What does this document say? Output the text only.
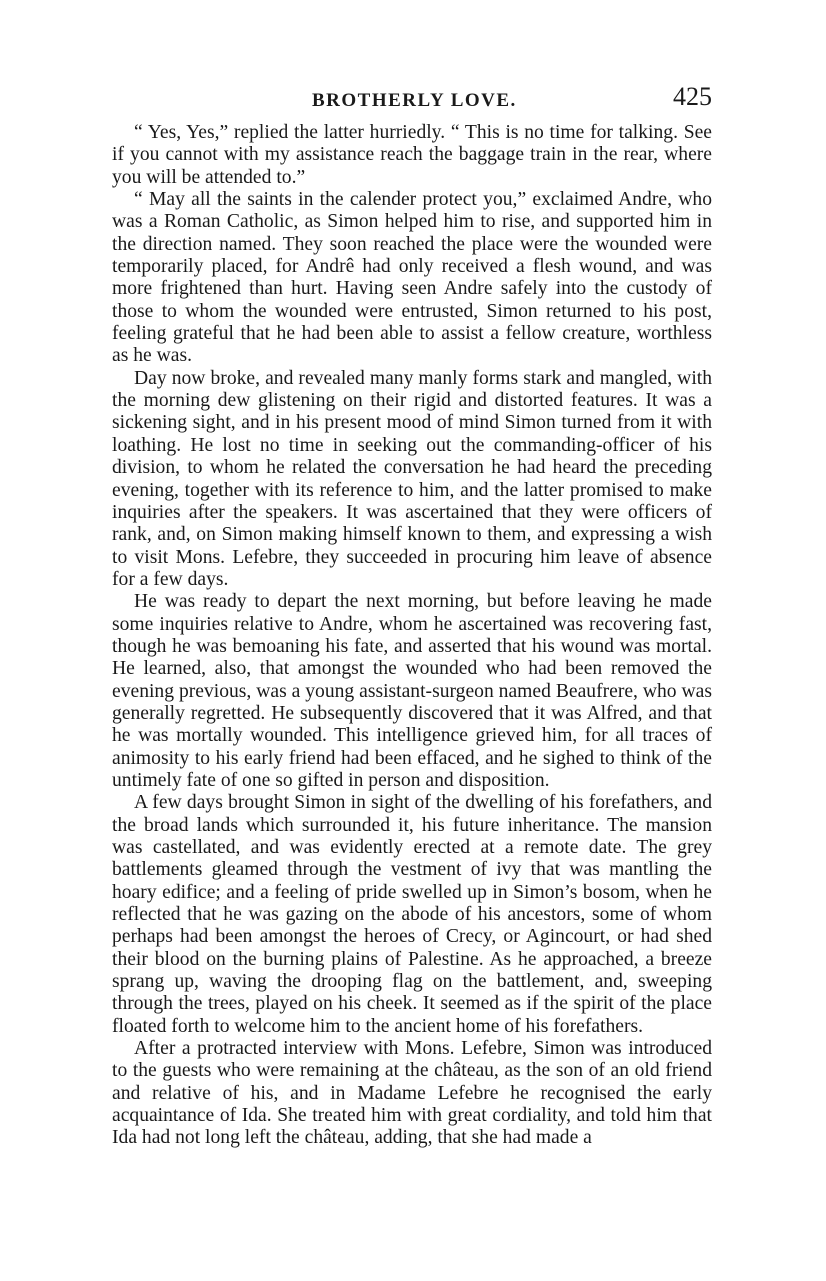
BROTHERLY LOVE.	425

“ Yes, Yes,” replied the latter hurriedly. “ This is no time for talking. See if you cannot with my assistance reach the baggage train in the rear, where you will be attended to.”

“ May all the saints in the calender protect you,” exclaimed Andre, who was a Roman Catholic, as Simon helped him to rise, and supported him in the direction named. They soon reached the place were the wounded were temporarily placed, for Andrê had only received a flesh wound, and was more frightened than hurt. Having seen Andre safely into the custody of those to whom the wounded were entrusted, Simon returned to his post, feeling grateful that he had been able to assist a fellow creature, worthless as he was.

Day now broke, and revealed many manly forms stark and mangled, with the morning dew glistening on their rigid and distorted features. It was a sickening sight, and in his present mood of mind Simon turned from it with loathing. He lost no time in seeking out the commanding-officer of his division, to whom he related the conversation he had heard the preceding evening, together with its reference to him, and the latter promised to make inquiries after the speakers. It was ascertained that they were officers of rank, and, on Simon making himself known to them, and expressing a wish to visit Mons. Lefebre, they succeeded in procuring him leave of absence for a few days.

He was ready to depart the next morning, but before leaving he made some inquiries relative to Andre, whom he ascertained was recovering fast, though he was bemoaning his fate, and asserted that his wound was mortal. He learned, also, that amongst the wounded who had been removed the evening previous, was a young assistant-surgeon named Beaufrere, who was generally regretted. He subsequently discovered that it was Alfred, and that he was mortally wounded. This intelligence grieved him, for all traces of animosity to his early friend had been effaced, and he sighed to think of the untimely fate of one so gifted in person and disposition.

A few days brought Simon in sight of the dwelling of his forefathers, and the broad lands which surrounded it, his future inheritance. The mansion was castellated, and was evidently erected at a remote date. The grey battlements gleamed through the vestment of ivy that was mantling the hoary edifice; and a feeling of pride swelled up in Simon’s bosom, when he reflected that he was gazing on the abode of his ancestors, some of whom perhaps had been amongst the heroes of Crecy, or Agincourt, or had shed their blood on the burning plains of Palestine. As he approached, a breeze sprang up, waving the drooping flag on the battlement, and, sweeping through the trees, played on his cheek. It seemed as if the spirit of the place floated forth to welcome him to the ancient home of his forefathers.

After a protracted interview with Mons. Lefebre, Simon was introduced to the guests who were remaining at the château, as the son of an old friend and relative of his, and in Madame Lefebre he recognised the early acquaintance of Ida. She treated him with great cordiality, and told him that Ida had not long left the château, adding, that she had made a
